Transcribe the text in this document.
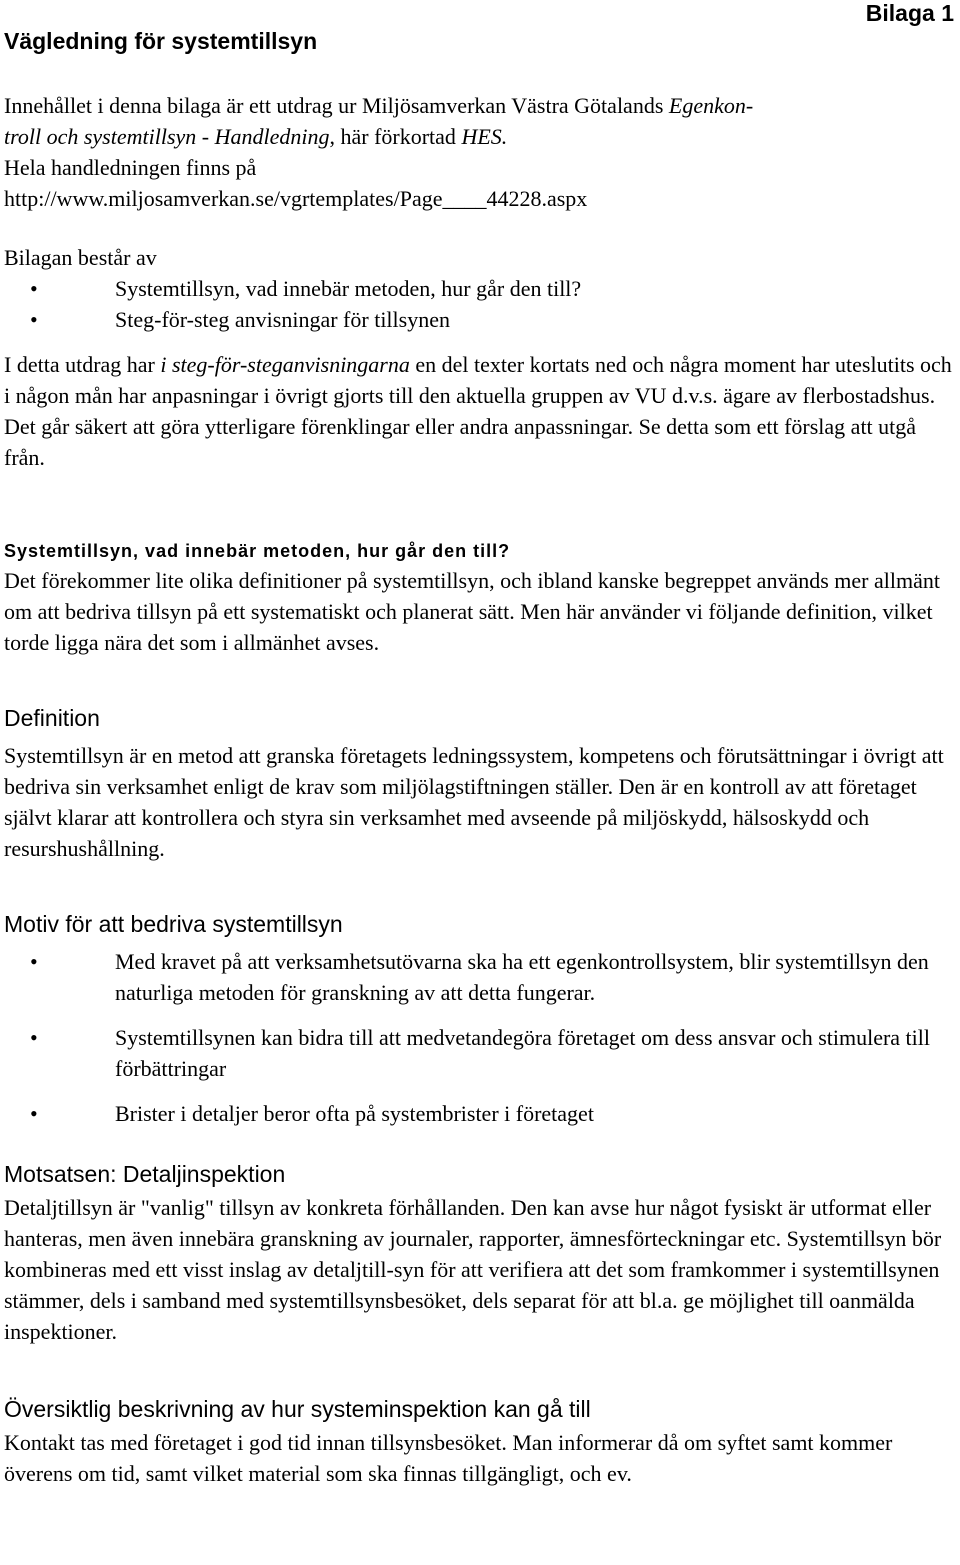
Vägledning för systemtillsyn
Bilaga 1

Innehållet i denna bilaga är ett utdrag ur Miljösamverkan Västra Götalands Egenkon-
troll och systemtillsyn - Handledning, här förkortad HES.

Hela handledningen finns på

http://www.miljosamverkan.se/vgrtemplates/Page____44228.aspx

Bilagan består av

•	Systemtillsyn, vad innebär metoden, hur går den till?
•	Steg-för-steg anvisningar för tillsynen

I detta utdrag har i steg-för-steganvisningarna en del texter kortats ned och några moment har uteslutits och i någon mån har anpasningar i övrigt gjorts till den aktuella gruppen av VU d.v.s. ägare av flerbostadshus. Det går säkert att göra ytterligare förenklingar eller andra anpassningar. Se detta som ett förslag att utgå från.

Systemtillsyn, vad innebär metoden, hur går den till?

Det förekommer lite olika definitioner på systemtillsyn, och ibland kanske begreppet används mer allmänt om att bedriva tillsyn på ett systematiskt och planerat sätt. Men här använder vi följande definition, vilket torde ligga nära det som i allmänhet avses.

Definition

Systemtillsyn är en metod att granska företagets ledningssystem, kompetens och förutsättningar i övrigt att bedriva sin verksamhet enligt de krav som miljölagstiftningen ställer. Den är en kontroll av att företaget självt klarar att kontrollera och styra sin verksamhet med avseende på miljöskydd, hälsoskydd och resurshushållning.

Motiv för att bedriva systemtillsyn
•	Med kravet på att verksamhetsutövarna ska ha ett egenkontrollsystem, blir systemtillsyn den naturliga metoden för granskning av att detta fungerar.
•	Systemtillsynen kan bidra till att medvetandegöra företaget om dess ansvar och stimulera till förbättringar
•	Brister i detaljer beror ofta på systembrister i företaget
Motsatsen: Detaljinspektion

Detaljtillsyn är "vanlig" tillsyn av konkreta förhållanden. Den kan avse hur något fysiskt är utformat eller hanteras, men även innebära granskning av journaler, rapporter, ämnesförteckningar etc. Systemtillsyn bör kombineras med ett visst inslag av detaljtill-syn för att verifiera att det som framkommer i systemtillsynen stämmer, dels i samband med systemtillsynsbesöket, dels separat för att bl.a. ge möjlighet till oanmälda inspektioner.

Översiktlig beskrivning av hur systeminspektion kan gå till

Kontakt tas med företaget i god tid innan tillsynsbesöket. Man informerar då om syftet samt kommer överens om tid, samt vilket material som ska finnas tillgängligt, och ev.
